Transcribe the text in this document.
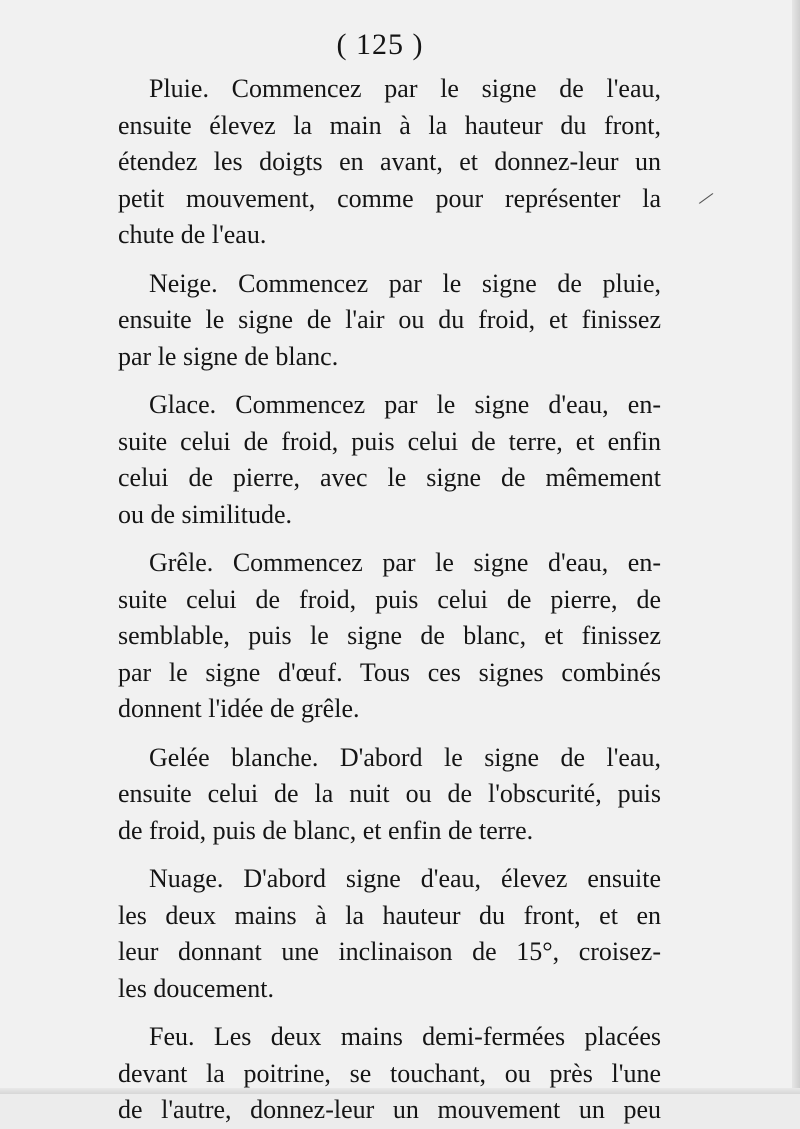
( 125 )
/
Pluie. Commencez par le signe de l'eau,
ensuite élevez la main à la hauteur du front,
étendez les doigts en avant, et donnez-leur un
petit mouvement, comme pour représenter la
chute de l'eau.
Neige. Commencez par le signe de pluie,
ensuite le signe de l'air ou du froid, et finissez
par le signe de blanc.
Glace. Commencez par le signe d'eau, en-
suite celui de froid, puis celui de terre, et enfin
celui de pierre, avec le signe de mêmement
ou de similitude.
Grêle. Commencez par le signe d'eau, en-
suite celui de froid, puis celui de pierre, de
semblable, puis le signe de blanc, et finissez
par le signe d'œuf. Tous ces signes combinés
donnent l'idée de grêle.
Gelée blanche. D'abord le signe de l'eau,
ensuite celui de la nuit ou de l'obscurité, puis
de froid, puis de blanc, et enfin de terre.
Nuage. D'abord signe d'eau, élevez ensuite
les deux mains à la hauteur du front, et en
leur donnant une inclinaison de 15°, croisez-
les doucement.
Feu. Les deux mains demi-fermées placées
devant la poitrine, se touchant, ou près l'une
de l'autre, donnez-leur un mouvement un peu
